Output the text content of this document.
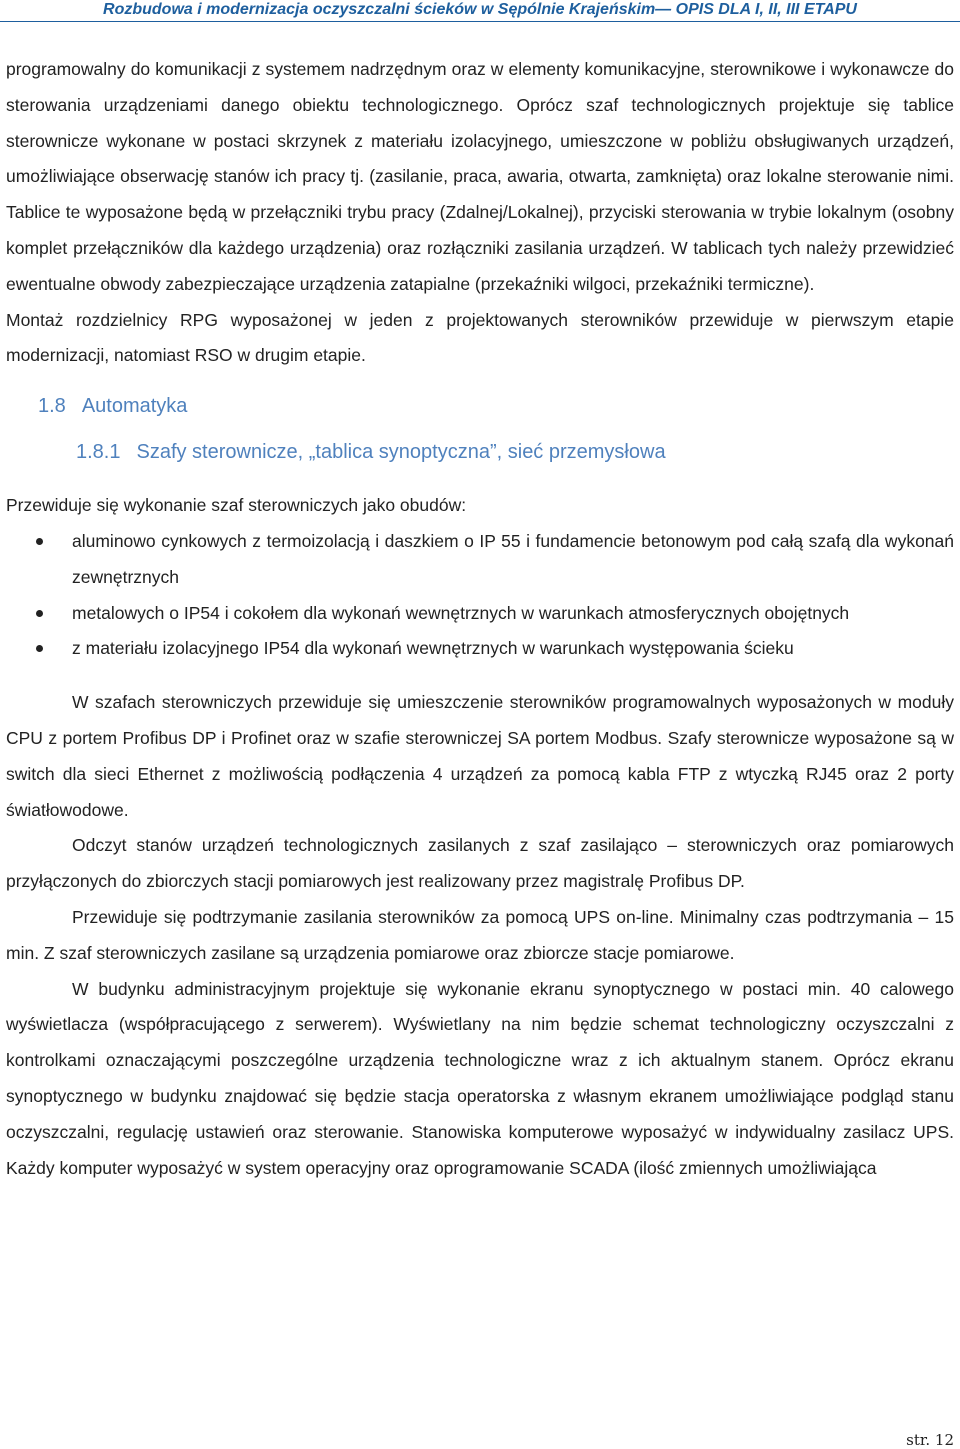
Rozbudowa i modernizacja oczyszczalni ścieków w Sępólnie Krajeńskim— OPIS DLA I, II, III ETAPU

programowalny do komunikacji z systemem nadrzędnym oraz w elementy komunikacyjne, sterownikowe i wykonawcze do sterowania urządzeniami danego obiektu technologicznego. Oprócz szaf technologicznych projektuje się tablice sterownicze wykonane w postaci skrzynek z materiału izolacyjnego, umieszczone w pobliżu obsługiwanych urządzeń, umożliwiające obserwację stanów ich pracy tj. (zasilanie, praca, awaria, otwarta, zamknięta) oraz lokalne sterowanie nimi. Tablice te wyposażone będą w przełączniki trybu pracy (Zdalnej/Lokalnej), przyciski sterowania w trybie lokalnym (osobny komplet przełączników dla każdego urządzenia) oraz rozłączniki zasilania urządzeń. W tablicach tych należy przewidzieć ewentualne obwody zabezpieczające urządzenia zatapialne (przekaźniki wilgoci, przekaźniki termiczne).

Montaż rozdzielnicy RPG wyposażonej w jeden z projektowanych sterowników przewiduje w pierwszym etapie modernizacji, natomiast RSO w drugim etapie.

1.8 Automatyka
1.8.1 Szafy sterownicze, „tablica synoptyczna”, sieć przemysłowa

Przewiduje się wykonanie szaf sterowniczych jako obudów:

aluminowo cynkowych z termoizolacją i daszkiem o IP 55 i fundamencie betonowym pod całą szafą dla wykonań zewnętrznych
metalowych o IP54 i cokołem dla wykonań wewnętrznych w warunkach atmosferycznych obojętnych
z materiału izolacyjnego IP54 dla wykonań wewnętrznych w warunkach występowania ścieku

W szafach sterowniczych przewiduje się umieszczenie sterowników programowalnych wyposażonych w moduły CPU z portem Profibus DP i Profinet oraz w szafie sterowniczej SA portem Modbus. Szafy sterownicze wyposażone są w switch dla sieci Ethernet z możliwością podłączenia 4 urządzeń za pomocą kabla FTP z wtyczką RJ45 oraz 2 porty światłowodowe.

Odczyt stanów urządzeń technologicznych zasilanych z szaf zasilająco – sterowniczych oraz pomiarowych przyłączonych do zbiorczych stacji pomiarowych jest realizowany przez magistralę Profibus DP.

Przewiduje się podtrzymanie zasilania sterowników za pomocą UPS on-line. Minimalny czas podtrzymania – 15 min. Z szaf sterowniczych zasilane są urządzenia pomiarowe oraz zbiorcze stacje pomiarowe.

W budynku administracyjnym projektuje się wykonanie ekranu synoptycznego w postaci min. 40 calowego wyświetlacza (współpracującego z serwerem). Wyświetlany na nim będzie schemat technologiczny oczyszczalni z kontrolkami oznaczającymi poszczególne urządzenia technologiczne wraz z ich aktualnym stanem. Oprócz ekranu synoptycznego w budynku znajdować się będzie stacja operatorska z własnym ekranem umożliwiające podgląd stanu oczyszczalni, regulację ustawień oraz sterowanie. Stanowiska komputerowe wyposażyć w indywidualny zasilacz UPS. Każdy komputer wyposażyć w system operacyjny oraz oprogramowanie SCADA (ilość zmiennych umożliwiająca

str. 12
